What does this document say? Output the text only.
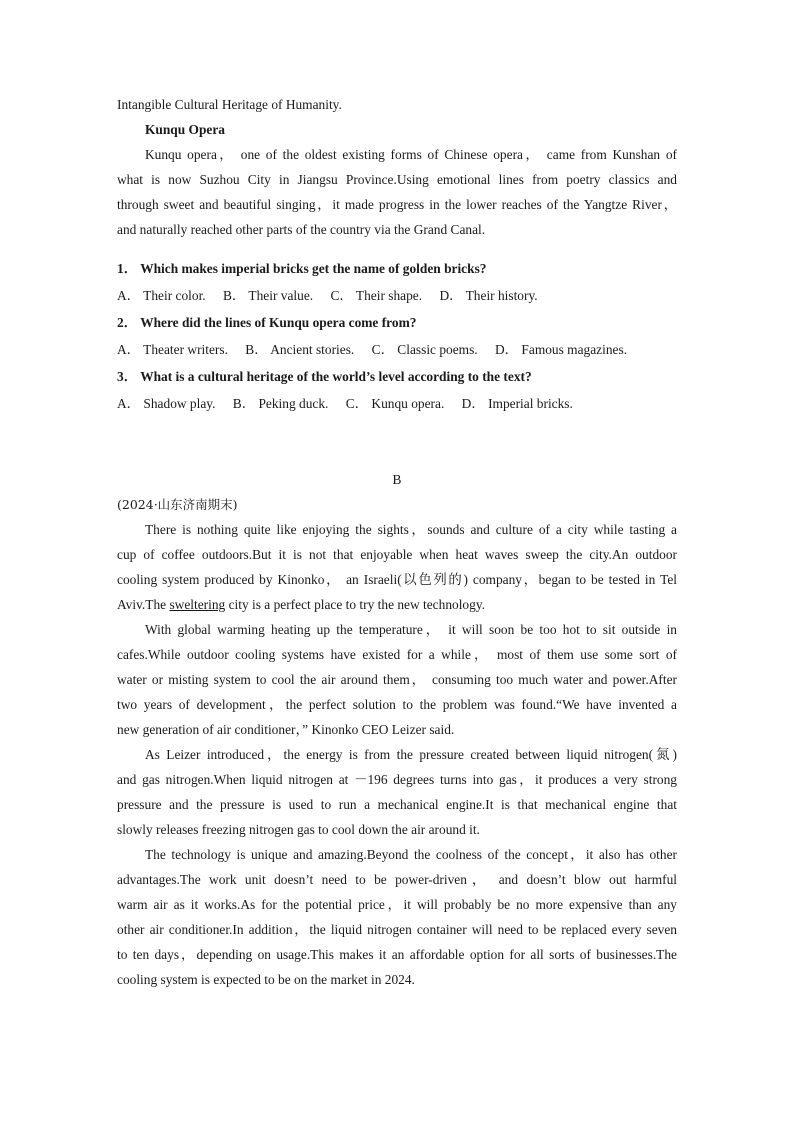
Intangible Cultural Heritage of Humanity.
Kunqu Opera

Kunqu opera， one of the oldest existing forms of Chinese opera， came from Kunshan of
what is now Suzhou City in Jiangsu Province.Using emotional lines from poetry classics and
through sweet and beautiful singing，it made progress in the lower reaches of the Yangtze River，
and naturally reached other parts of the country via the Grand Canal.

1． Which makes imperial bricks get the name of golden bricks?
A． Their color. B． Their value. C． Their shape. D． Their history.
2． Where did the lines of Kunqu opera come from?
A． Theater writers. B． Ancient stories. C． Classic poems. D． Famous magazines.
3． What is a cultural heritage of the world’s level according to the text?
A． Shadow play. B． Peking duck. C． Kunqu opera. D． Imperial bricks.
B
(2024·山东济南期末)
There is nothing quite like enjoying the sights，sounds and culture of a city while tasting a
cup of coffee outdoors.But it is not that enjoyable when heat waves sweep the city.An outdoor
cooling system produced by Kinonko， an Israeli(以色列的) company，began to be tested in Tel
Aviv.The sweltering city is a perfect place to try the new technology.
With global warming heating up the temperature， it will soon be too hot to sit outside in
cafes.While outdoor cooling systems have existed for a while， most of them use some sort of
water or misting system to cool the air around them， consuming too much water and power.After
two years of development，the perfect solution to the problem was found.“We have invented a
new generation of air conditioner，” Kinonko CEO Leizer said.
As Leizer introduced，the energy is from the pressure created between liquid nitrogen(氮)
and gas nitrogen.When liquid nitrogen at －196 degrees turns into gas，it produces a very strong
pressure and the pressure is used to run a mechanical engine.It is that mechanical engine that
slowly releases freezing nitrogen gas to cool down the air around it.
The technology is unique and amazing.Beyond the coolness of the concept，it also has other
advantages.The work unit doesn’t need to be power-driven， and doesn’t blow out harmful
warm air as it works.As for the potential price，it will probably be no more expensive than any
other air conditioner.In addition，the liquid nitrogen container will need to be replaced every seven
to ten days，depending on usage.This makes it an affordable option for all sorts of businesses.The
cooling system is expected to be on the market in 2024.
